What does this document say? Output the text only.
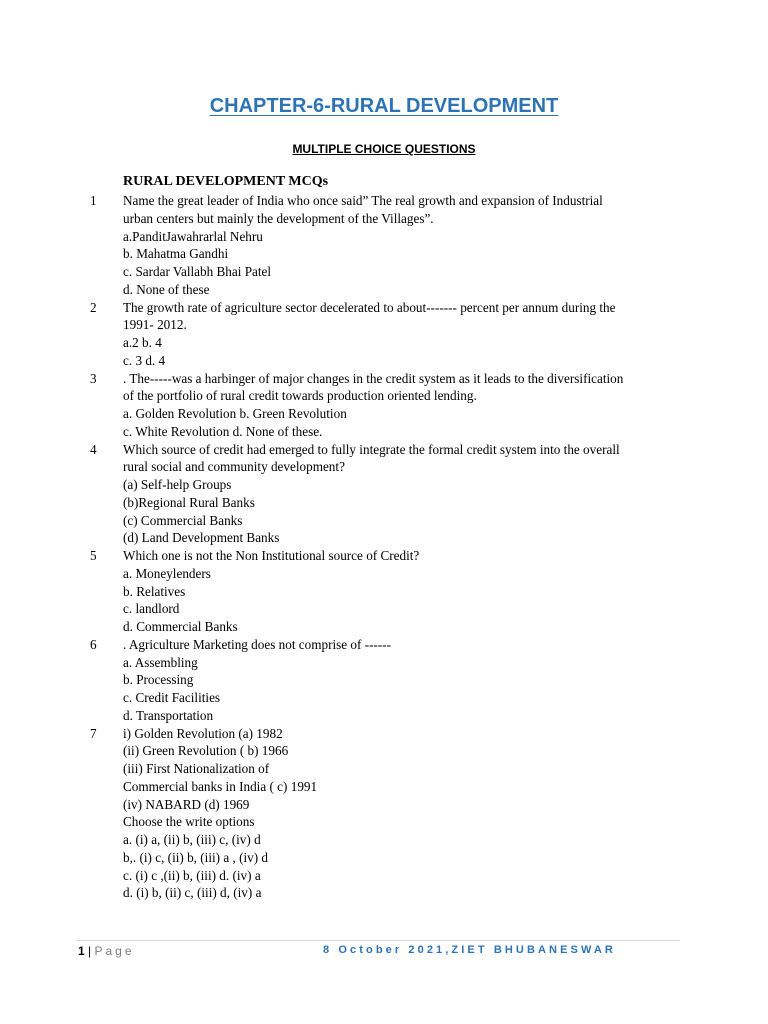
CHAPTER-6-RURAL DEVELOPMENT
MULTIPLE CHOICE QUESTIONS
RURAL DEVELOPMENT MCQs
1 Name the great leader of India who once said” The real growth and expansion of Industrial
urban centers but mainly the development of the Villages”.
a.PanditJawahrarlal Nehru
b. Mahatma Gandhi
c. Sardar Vallabh Bhai Patel
d. None of these
2 The growth rate of agriculture sector decelerated to about------- percent per annum during the
1991- 2012.
a.2 b. 4
c. 3 d. 4
3 . The-----was a harbinger of major changes in the credit system as it leads to the diversification
of the portfolio of rural credit towards production oriented lending.
a. Golden Revolution b. Green Revolution
c. White Revolution d. None of these.
4 Which source of credit had emerged to fully integrate the formal credit system into the overall
rural social and community development?
(a) Self-help Groups
(b)Regional Rural Banks
(c) Commercial Banks
(d) Land Development Banks
5 Which one is not the Non Institutional source of Credit?
a. Moneylenders
b. Relatives
c. landlord
d. Commercial Banks
6 . Agriculture Marketing does not comprise of ------
a. Assembling
b. Processing
c. Credit Facilities
d. Transportation
7 i) Golden Revolution (a) 1982
(ii) Green Revolution ( b) 1966
(iii) First Nationalization of
Commercial banks in India ( c) 1991
(iv) NABARD (d) 1969
Choose the write options
a. (i) a, (ii) b, (iii) c, (iv) d
b,. (i) c, (ii) b, (iii) a , (iv) d
c. (i) c ,(ii) b, (iii) d. (iv) a
d. (i) b, (ii) c, (iii) d, (iv) a
1 | Page	8 October 2021,ZIET BHUBANESWAR
